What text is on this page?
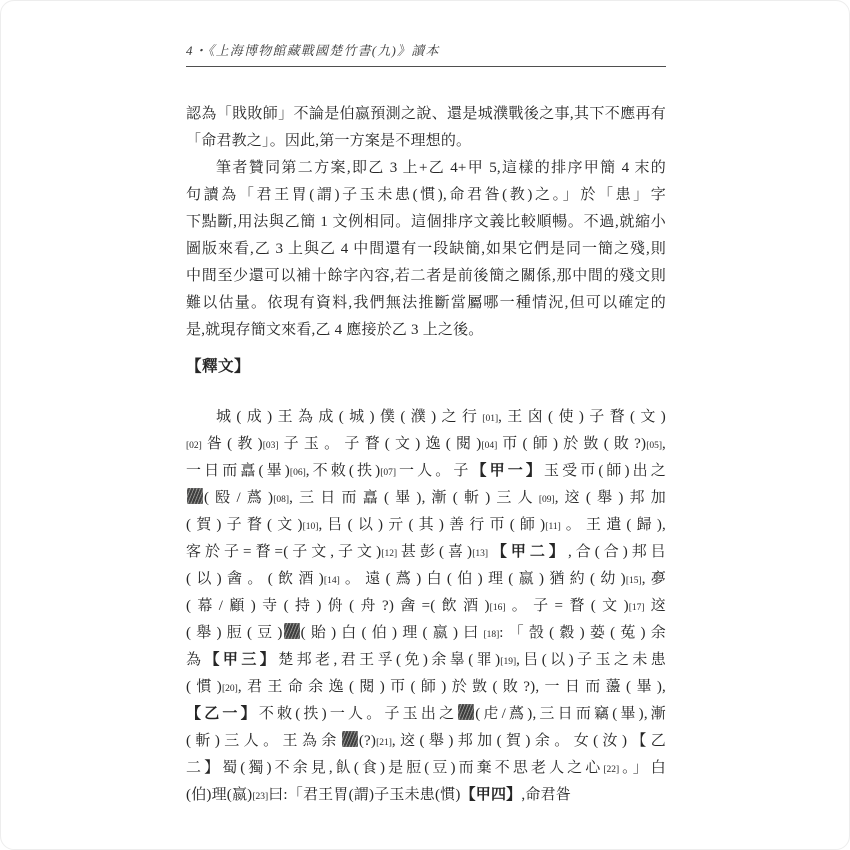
4・《上海博物館藏戰國楚竹書(九)》讀本
認為「戝敗師」不論是伯嬴預測之說、還是城濮戰後之事,其下不應再有
「命君教之」。因此,第一方案是不理想的。
筆者贊同第二方案,即乙 3 上+乙 4+甲 5,這樣的排序甲簡 4 末的
句讀為「君王胃(謂)子玉未患(慣),命君昝(教)之。」於「患」字
下點斷,用法與乙簡 1 文例相同。這個排序文義比較順暢。不過,就縮小
圖版來看,乙 3 上與乙 4 中間還有一段缺簡,如果它們是同一簡之殘,則
中間至少還可以補十餘字內容,若二者是前後簡之關係,那中間的殘文則
難以估量。依現有資料,我們無法推斷當屬哪一種情況,但可以確定的
是,就現存簡文來看,乙 4 應接於乙 3 上之後。
【釋文】
城(成)王為成(城)僕(濮)之行[01],王囟(使)子瞀(文)
[02]昝(教)[03]子玉。子瞀(文)逸(閱)[04]帀(師)於敳(敗?)[05],
一日而譶(畢)[06],不敇(抶)[07]一人。子【甲一】玉受帀(師)出之
(殹/蔿)[08],三日而譶(畢),漸(斬)三人[09],䢒(舉)邦加
(賀)子瞀(文)[10],㠯(以)亓(其)善行帀(師)[11]。王遣(歸),
客於子=瞀=(子文,子文)[12]甚彭(喜)[13]【甲二】,合(合)邦㠯
(以)酓。(飲酒)[14]。遠(蔿)白(伯)理(嬴)猶約(幼)[15],夣
(幕/顧)寺(持)侜(舟?)酓=(飲酒)[16]。子=瞀(文)[17]䢒
(舉)脰(豆) (貽)白(伯)理(嬴)曰[18]:「嗀(縠)蒆(菟)余
為【甲三】楚邦老,君王孚(免)余辠(罪)[19],㠯(以)子玉之未患
(慣)[20],君王命余逸(閱)帀(師)於敳(敗?),一日而蘯(畢),
【乙一】不敇(抶)一人。子玉出之 (虍/蔿),三日而竊(畢),漸
(斬)三人。王為余 (?)[21],䢒(舉)邦加(賀)余。女(汝)【乙
二】蜀(獨)不余見,飤(食)是脰(豆)而棄不思老人之心[22]。」白
(伯)理(嬴)[23]曰:「君王胃(謂)子玉未患(慣)【甲四】,命君昝
